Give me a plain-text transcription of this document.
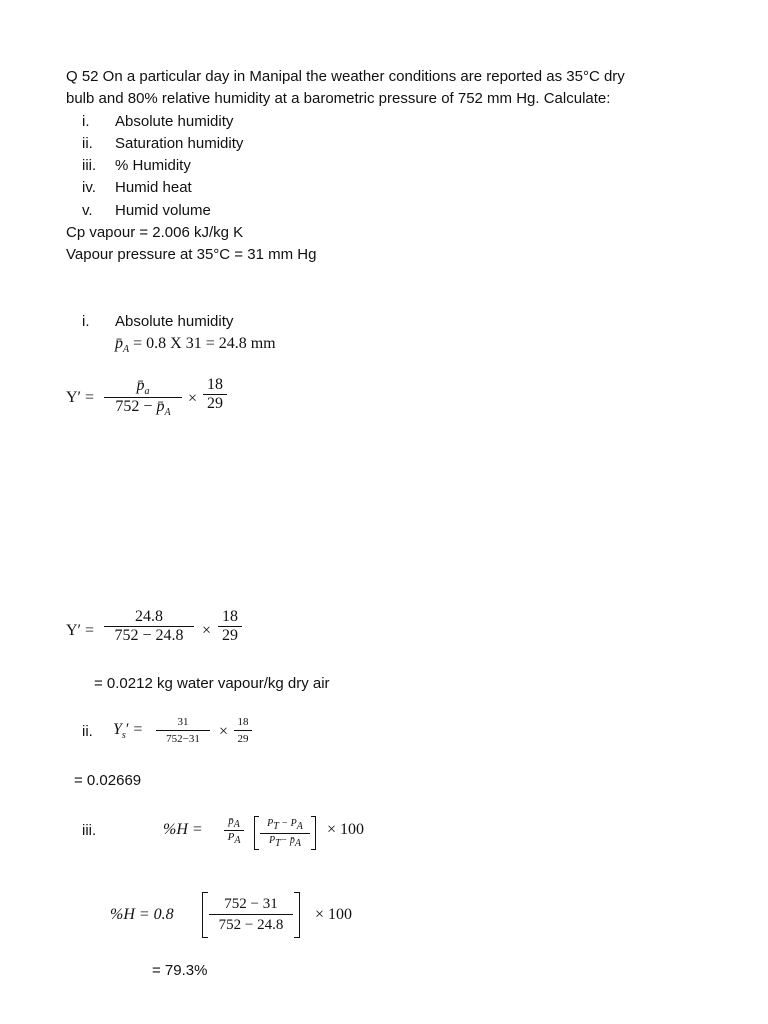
Q 52 On a particular day in Manipal the weather conditions are reported as 35°C dry
bulb and 80% relative humidity at a barometric pressure of 752 mm Hg. Calculate:
i. Absolute humidity
ii. Saturation humidity
iii. % Humidity
iv. Humid heat
v. Humid volume
Cp vapour = 2.006 kJ/kg K
Vapour pressure at 35°C = 31 mm Hg
i. Absolute humidity
$p̄_A = 0.8$ X 31 = 24.8 mm
$Y' = \frac{p̄_a}{752 - p̄_A} \times \frac{18}{29}$
$Y' = \frac{24.8}{752 - 24.8} \times \frac{18}{29}$
= 0.0212 kg water vapour/kg dry air
ii. $Y_s' = \frac{31}{752-31} \times \frac{18}{29}$
= 0.02669
iii.	$\%H = \frac{p̄_A}{P_A} \frac{P_T - P_A}{P_T- p̄_A} \times 100$
$\%H = 0.8 \frac{752 - 31}{752 - 24.8} \times 100$
= 79.3%
